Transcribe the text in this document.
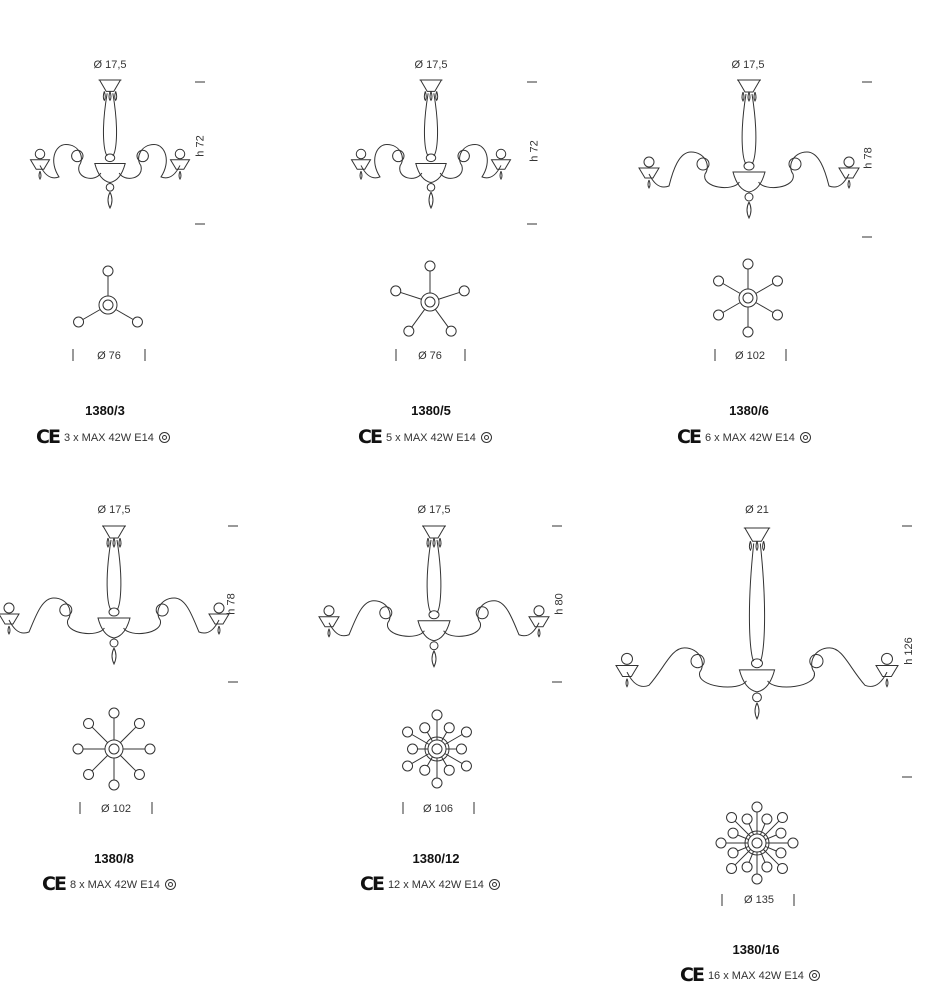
Ø 17,5
h 72
Ø 76
1380/3
CE 3 x MAX 42W E14
Ø 17,5
h 72
Ø 76
1380/5
CE 5 x MAX 42W E14
Ø 17,5
h 78
Ø 102
1380/6
CE 6 x MAX 42W E14
Ø 17,5
h 78
Ø 102
1380/8
CE 8 x MAX 42W E14
Ø 17,5
h 80
Ø 106
1380/12
CE 12 x MAX 42W E14
Ø 21
h 126
Ø 135
1380/16
CE 16 x MAX 42W E14
